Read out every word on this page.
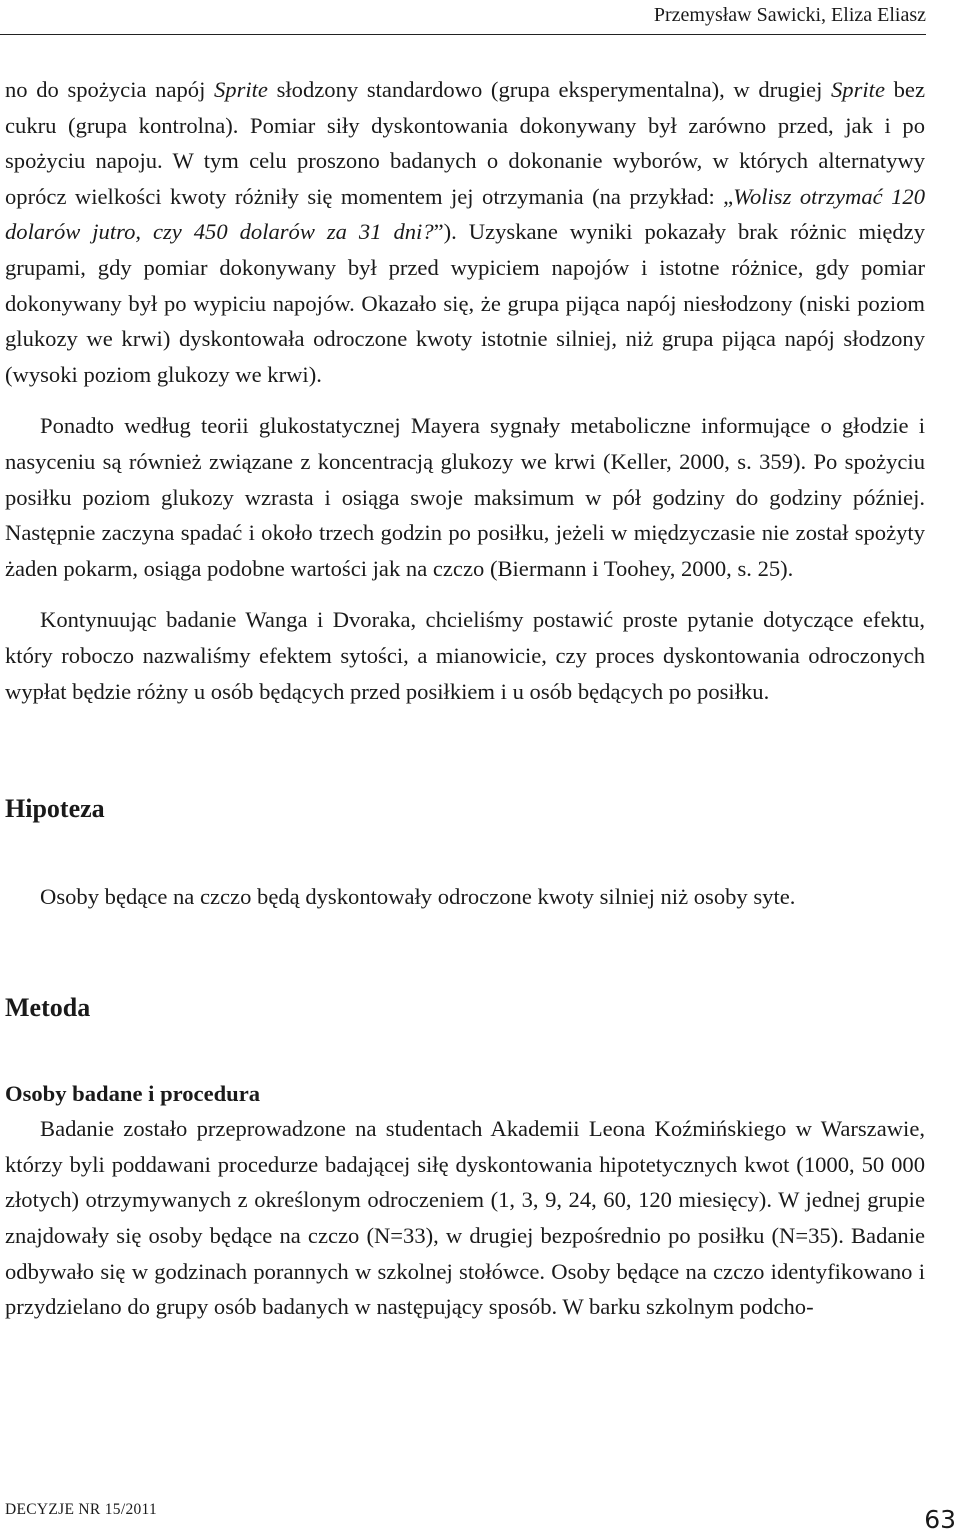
Przemysław Sawicki, Eliza Eliasz

no do spożycia napój Sprite słodzony standardowo (grupa eksperymentalna), w drugiej Sprite bez cukru (grupa kontrolna). Pomiar siły dyskontowania dokonywany był zarówno przed, jak i po spożyciu napoju. W tym celu proszono badanych o dokonanie wyborów, w których alternatywy oprócz wielkości kwoty różniły się momentem jej otrzymania (na przykład: „Wolisz otrzymać 120 dolarów jutro, czy 450 dolarów za 31 dni?”). Uzyskane wyniki pokazały brak różnic między grupami, gdy pomiar dokonywany był przed wypiciem napojów i istotne różnice, gdy pomiar dokonywany był po wypiciu napojów. Okazało się, że grupa pijąca napój niesłodzony (niski poziom glukozy we krwi) dyskontowała odroczone kwoty istotnie silniej, niż grupa pijąca napój słodzony (wysoki poziom glukozy we krwi).

Ponadto według teorii glukostatycznej Mayera sygnały metaboliczne informujące o głodzie i nasyceniu są również związane z koncentracją glukozy we krwi (Keller, 2000, s. 359). Po spożyciu posiłku poziom glukozy wzrasta i osiąga swoje maksimum w pół godziny do godziny później. Następnie zaczyna spadać i około trzech godzin po posiłku, jeżeli w międzyczasie nie został spożyty żaden pokarm, osiąga podobne wartości jak na czczo (Biermann i Toohey, 2000, s. 25).

Kontynuując badanie Wanga i Dvoraka, chcieliśmy postawić proste pytanie dotyczące efektu, który roboczo nazwaliśmy efektem sytości, a mianowicie, czy proces dyskontowania odroczonych wypłat będzie różny u osób będących przed posiłkiem i u osób będących po posiłku.

Hipoteza

Osoby będące na czczo będą dyskontowały odroczone kwoty silniej niż osoby syte.

Metoda
Osoby badane i procedura

Badanie zostało przeprowadzone na studentach Akademii Leona Koźmińskiego w Warszawie, którzy byli poddawani procedurze badającej siłę dyskontowania hipotetycznych kwot (1000, 50 000 złotych) otrzymywanych z określonym odroczeniem (1, 3, 9, 24, 60, 120 miesięcy). W jednej grupie znajdowały się osoby będące na czczo (N=33), w drugiej bezpośrednio po posiłku (N=35). Badanie odbywało się w godzinach porannych w szkolnej stołówce. Osoby będące na czczo identyfikowano i przydzielano do grupy osób badanych w następujący sposób. W barku szkolnym podcho-

DECYZJE NR 15/2011	63
